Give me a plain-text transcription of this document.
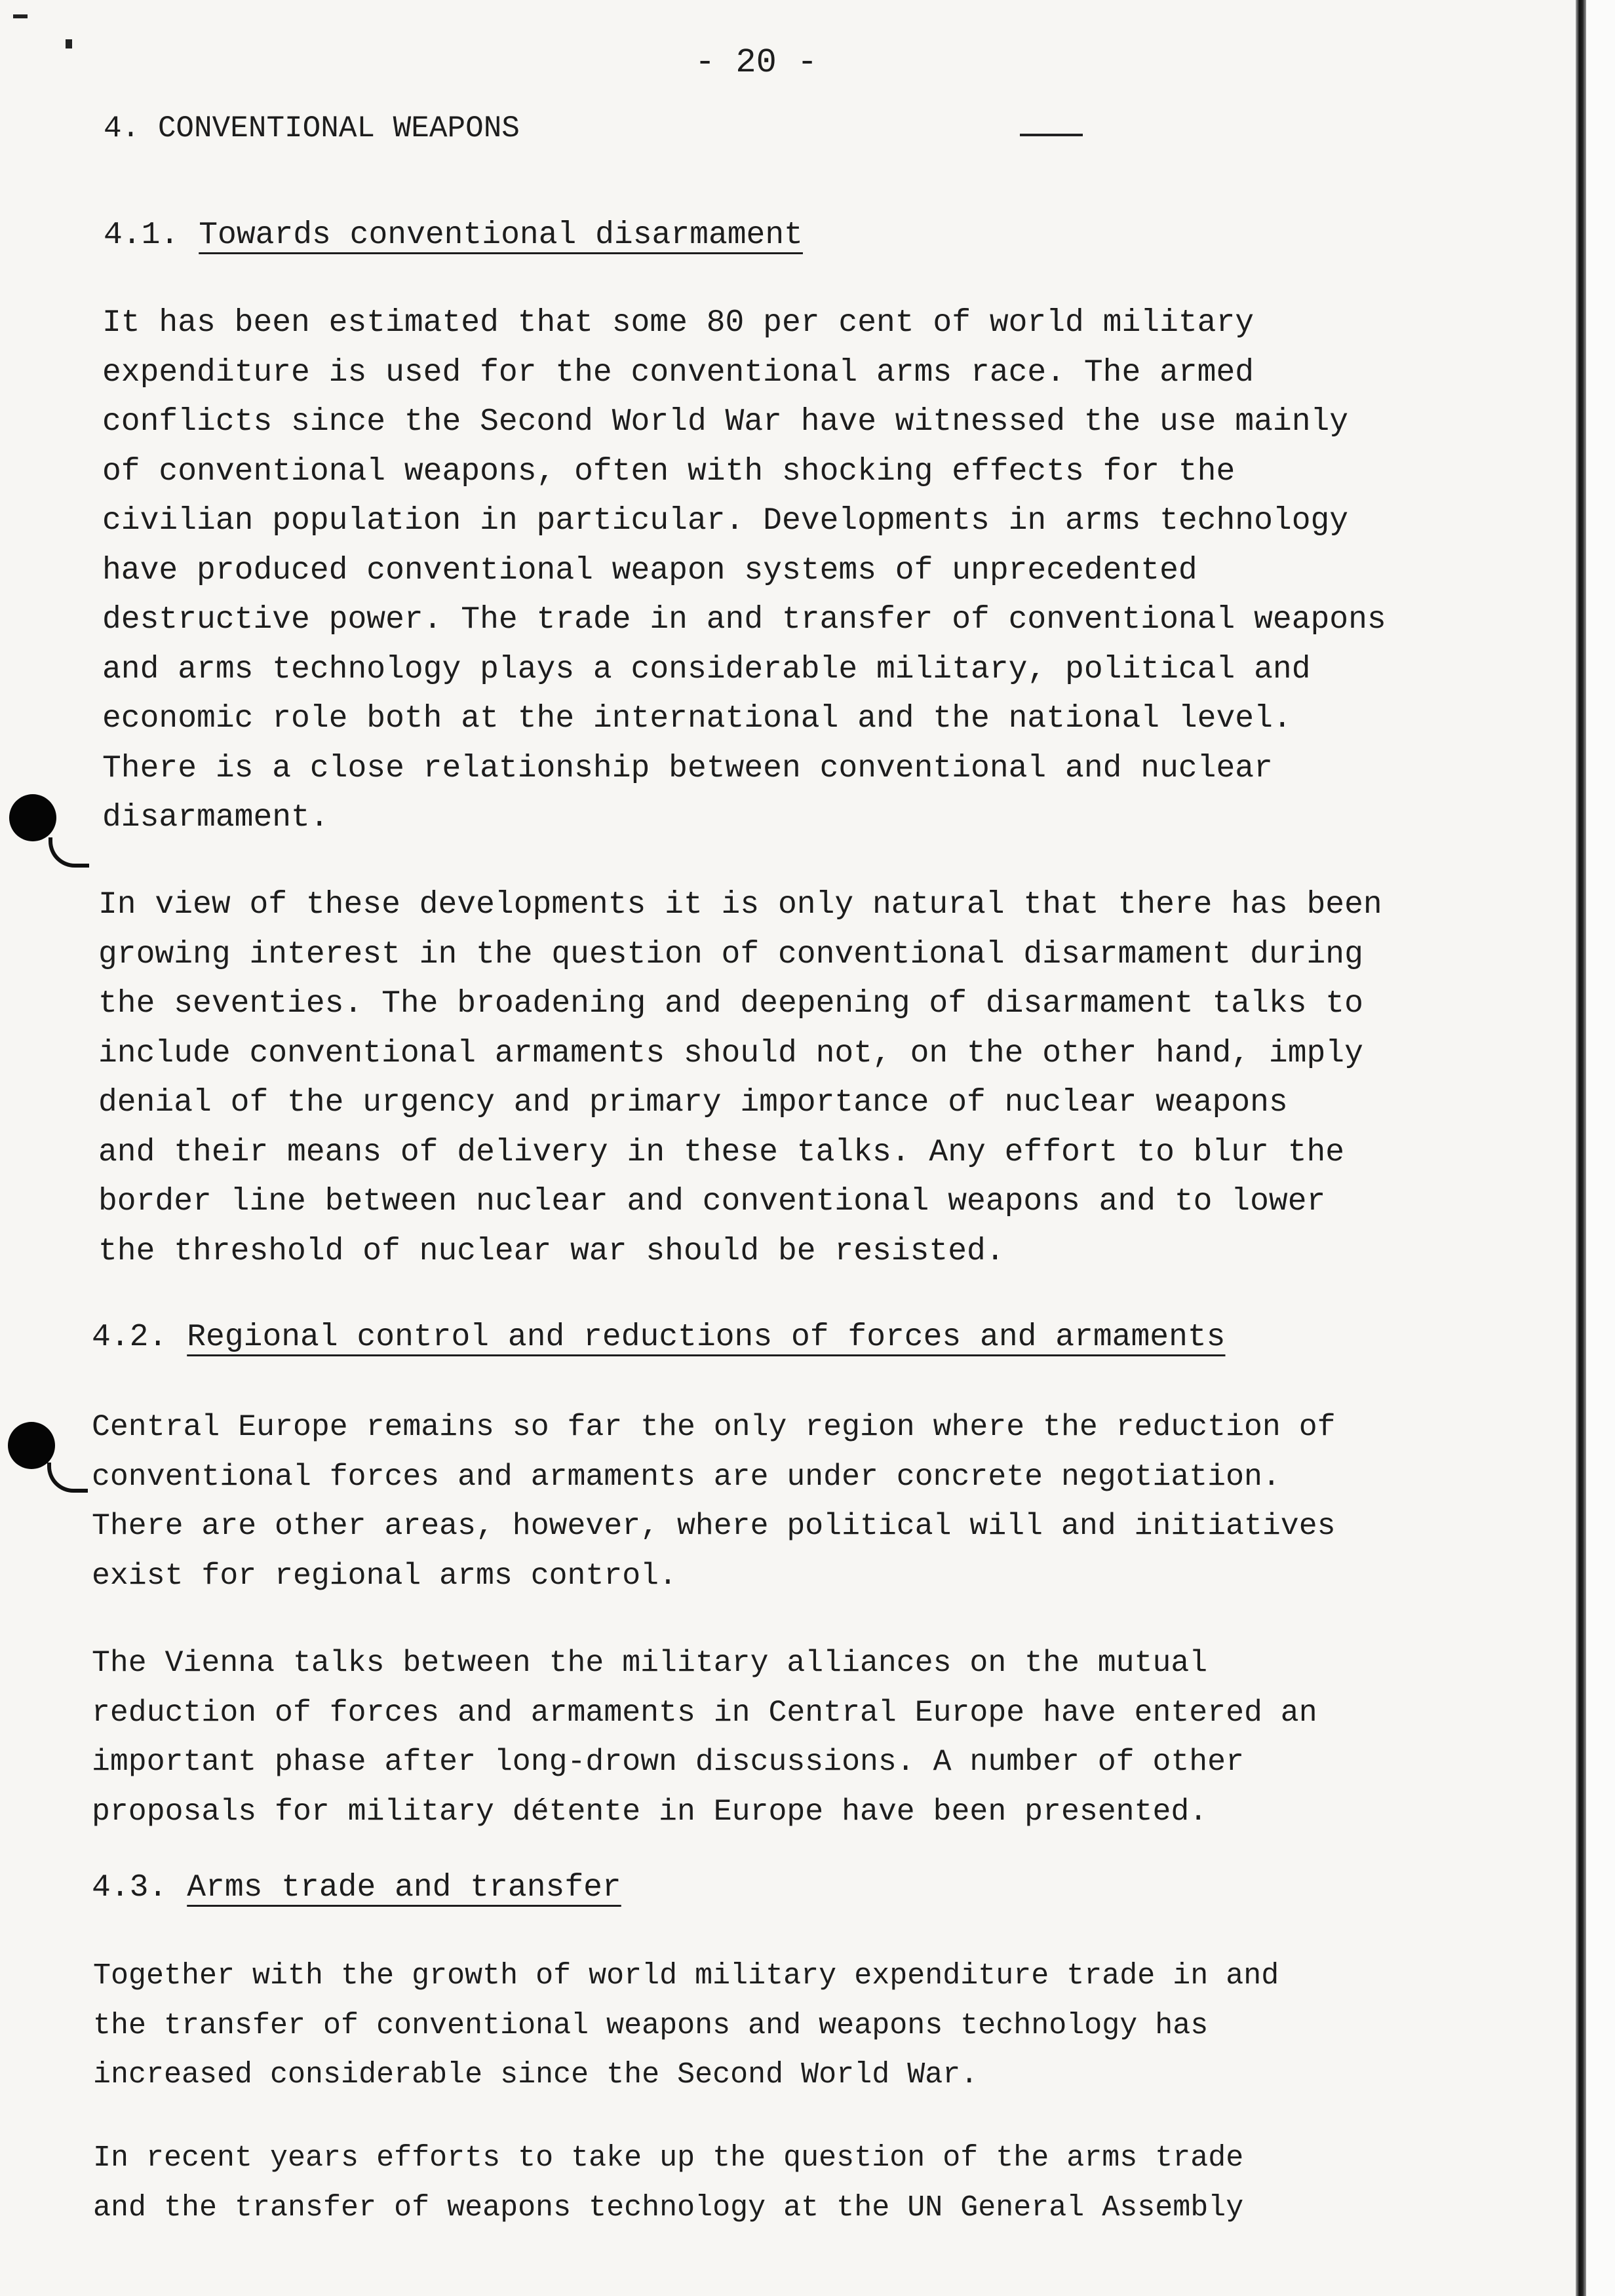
- 20 -
4. CONVENTIONAL WEAPONS
4.1. Towards conventional disarmament
It has been estimated that some 80 per cent of world military
expenditure is used for the conventional arms race. The armed
conflicts since the Second World War have witnessed the use mainly
of conventional weapons, often with shocking effects for the
civilian population in particular. Developments in arms technology
have produced conventional weapon systems of unprecedented
destructive power. The trade in and transfer of conventional weapons
and arms technology plays a considerable military, political and
economic role both at the international and the national level.
There is a close relationship between conventional and nuclear
disarmament.
In view of these developments it is only natural that there has been
growing interest in the question of conventional disarmament during
the seventies. The broadening and deepening of disarmament talks to
include conventional armaments should not, on the other hand, imply
denial of the urgency and primary importance of nuclear weapons
and their means of delivery in these talks. Any effort to blur the
border line between nuclear and conventional weapons and to lower
the threshold of nuclear war should be resisted.
4.2. Regional control and reductions of forces and armaments
Central Europe remains so far the only region where the reduction of
conventional forces and armaments are under concrete negotiation.
There are other areas, however, where political will and initiatives
exist for regional arms control.
The Vienna talks between the military alliances on the mutual
reduction of forces and armaments in Central Europe have entered an
important phase after long-drown discussions. A number of other
proposals for military détente in Europe have been presented.
4.3. Arms trade and transfer
Together with the growth of world military expenditure trade in and
the transfer of conventional weapons and weapons technology has
increased considerable since the Second World War.
In recent years efforts to take up the question of the arms trade
and the transfer of weapons technology at the UN General Assembly
